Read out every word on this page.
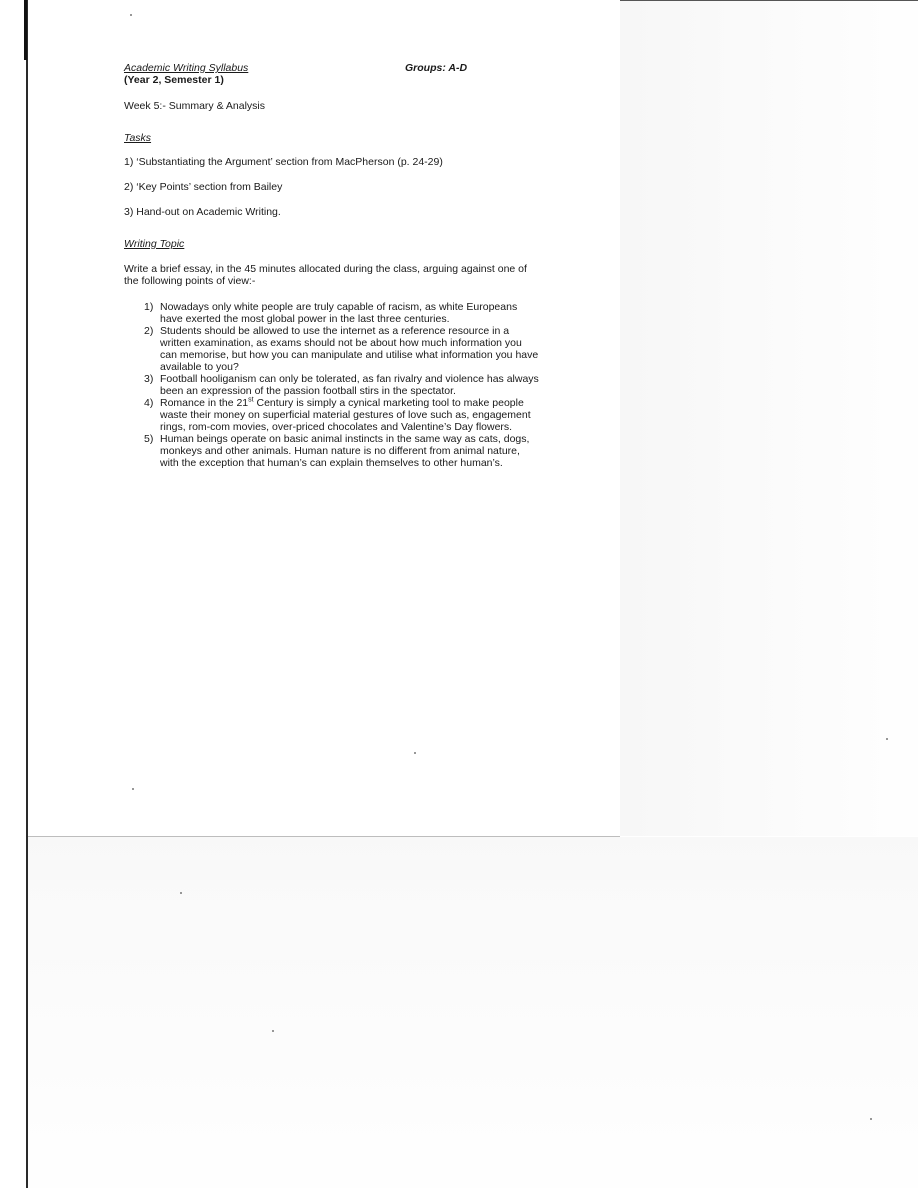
Academic Writing Syllabus
(Year 2, Semester 1)
Groups: A-D
Week 5:- Summary & Analysis
Tasks

1) ‘Substantiating the Argument’ section from MacPherson (p. 24-29)

2) ‘Key Points’ section from Bailey

3) Hand-out on Academic Writing.

Writing Topic
Write a brief essay, in the 45 minutes allocated during the class, arguing against one of the following points of view:-
1) Nowadays only white people are truly capable of racism, as white Europeans have exerted the most global power in the last three centuries.
2) Students should be allowed to use the internet as a reference resource in a written examination, as exams should not be about how much information you can memorise, but how you can manipulate and utilise what information you have available to you?
3) Football hooliganism can only be tolerated, as fan rivalry and violence has always been an expression of the passion football stirs in the spectator.
4) Romance in the 21st Century is simply a cynical marketing tool to make people waste their money on superficial material gestures of love such as, engagement rings, rom-com movies, over-priced chocolates and Valentine’s Day flowers.
5) Human beings operate on basic animal instincts in the same way as cats, dogs, monkeys and other animals. Human nature is no different from animal nature, with the exception that human’s can explain themselves to other human’s.
